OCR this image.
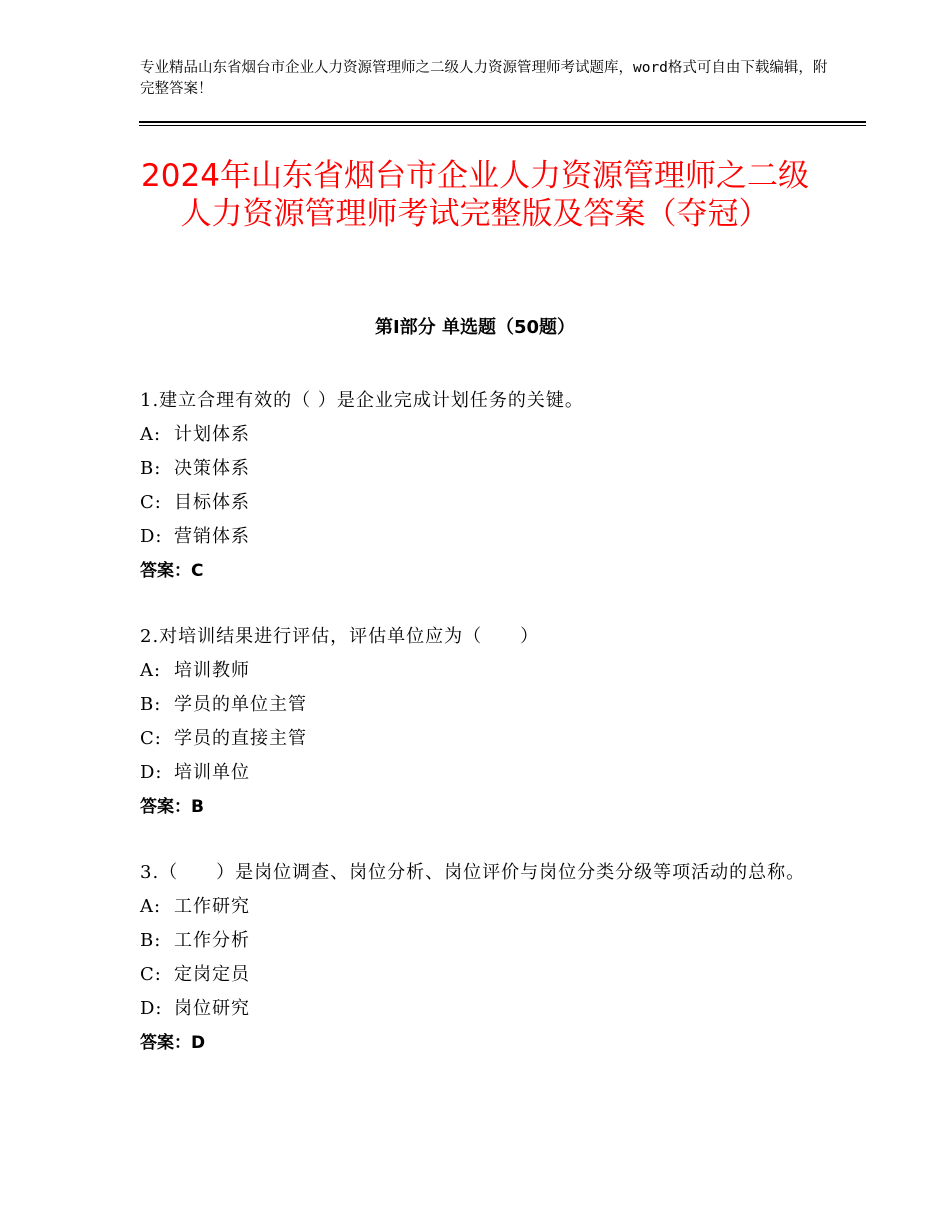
专业精品山东省烟台市企业人力资源管理师之二级人力资源管理师考试题库，word格式可自由下载编辑，附完整答案！
2024年山东省烟台市企业人力资源管理师之二级人力资源管理师考试完整版及答案（夺冠）
第Ⅰ部分 单选题（50题）
1.建立合理有效的（ ）是企业完成计划任务的关键。
A: 计划体系
B: 决策体系
C: 目标体系
D: 营销体系
答案：C
2.对培训结果进行评估，评估单位应为（　　）
A: 培训教师
B: 学员的单位主管
C: 学员的直接主管
D: 培训单位
答案：B
3.（　　）是岗位调查、岗位分析、岗位评价与岗位分类分级等项活动的总称。
A: 工作研究
B: 工作分析
C: 定岗定员
D: 岗位研究
答案：D
